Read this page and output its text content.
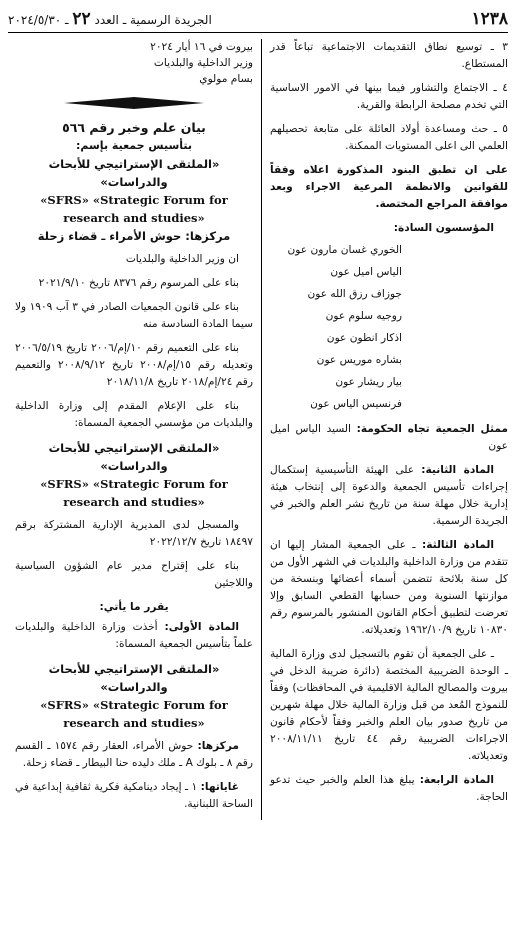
١٢٣٨
الجريدة الرسمية ـ العدد ٢٢ ـ ٢٠٢٤/٥/٣٠

٣ ـ توسيع نطاق التقديمات الاجتماعية تباعاً قدر المستطاع.

٤ ـ الاجتماع والتشاور فيما بينها في الامور الاساسية التي تخدم مصلحة الرابطة والقرية.

٥ ـ حث ومساعدة أولاد العائلة على متابعة تحصيلهم العلمي الى اعلى المستويات الممكنة.

على ان تطبق البنود المذكورة اعلاه وفقاً للقوانين والانظمة المرعية الاجراء وبعد موافقة المراجع المختصة.

المؤسسون السادة:

الخوري غسان مارون عون
الياس اميل عون
جوزاف رزق الله عون
روجيه سلوم عون
اذكار انطون عون
بشاره موريس عون
بيار ريشار عون
فرنسيس الياس عون

ممثل الجمعية تجاه الحكومة: السيد الياس اميل عون

المادة الثانية: على الهيئة التأسيسية إستكمال إجراءات تأسيس الجمعية والدعوة إلى إنتخاب هيئة إدارية خلال مهلة سنة من تاريخ نشر العلم والخبر في الجريدة الرسمية.

المادة الثالثة: ـ على الجمعية المشار إليها ان تتقدم من وزارة الداخلية والبلديات في الشهر الأول من كل سنة بلائحة تتضمن أسماء أعضائها وبنسخة من موازنتها السنوية ومن حسابها القطعي السابق وإلا تعرضت لتطبيق أحكام القانون المنشور بالمرسوم رقم ١٠٨٣٠ تاريخ ١٩٦٢/١٠/٩ وتعديلاته.

ـ على الجمعية أن تقوم بالتسجيل لدى وزارة المالية ـ الوحدة الضريبية المختصة (دائرة ضريبة الدخل في بيروت والمصالح المالية الاقليمية في المحافظات) وفقاً للنموذج المُعد من قبل وزارة المالية خلال مهلة شهرين من تاريخ صدور بيان العلم والخبر وفقاً لأحكام قانون الاجراءات الضريبية رقم ٤٤ تاريخ ٢٠٠٨/١١/١١ وتعديلاته.

المادة الرابعة: يبلغ هذا العلم والخبر حيث تدعو الحاجة.

بيروت في ١٦ أيار ٢٠٢٤

وزير الداخلية والبلديات

بسام مولوي

بيان علم وخبر رقم ٥٦٦

بتأسيس جمعية بإسم:

«الملتقى الإستراتيجي للأبحاث والدراسات»

«SFRS» «Strategic Forum for research and studies»

مركزها: حوش الأمراء ـ قضاء زحلة

ان وزير الداخلية والبلديات

بناء على المرسوم رقم ٨٣٧٦ تاريخ ٢٠٢١/٩/١٠

بناء على قانون الجمعيات الصادر في ٣ آب ١٩٠٩ ولا سيما المادة السادسة منه

بناء على التعميم رقم ١٠/إم/٢٠٠٦ تاريخ ٢٠٠٦/٥/١٩ وتعديله رقم ١٥/إم/٢٠٠٨ تاريخ ٢٠٠٨/٩/١٢ والتعميم رقم ٢٤/إم/٢٠١٨ تاريخ ٢٠١٨/١١/٨

بناء على الإعلام المقدم إلى وزارة الداخلية والبلديات من مؤسسي الجمعية المسماة:

«الملتقى الإستراتيجي للأبحاث والدراسات»

«SFRS» «Strategic Forum for research and studies»

والمسجل لدى المديرية الإدارية المشتركة برقم ١٨٤٩٧ تاريخ ٢٠٢٢/١٢/٧

بناء على إقتراح مدير عام الشؤون السياسية واللاجئين

يقرر ما يأتي:

المادة الأولى: أخذت وزارة الداخلية والبلديات علماً بتأسيس الجمعية المسماة:

«الملتقى الإستراتيجي للأبحاث والدراسات»

«SFRS» «Strategic Forum for research and studies»

مركزها: حوش الأمراء، العقار رقم ١٥٧٤ ـ القسم رقم ٨ ـ بلوك A ـ ملك دليده حنا البيطار ـ قضاء زحلة.

غاياتها: ١ ـ إيجاد دينامكية فكرية ثقافية إبداعية في الساحة اللبنانية.
